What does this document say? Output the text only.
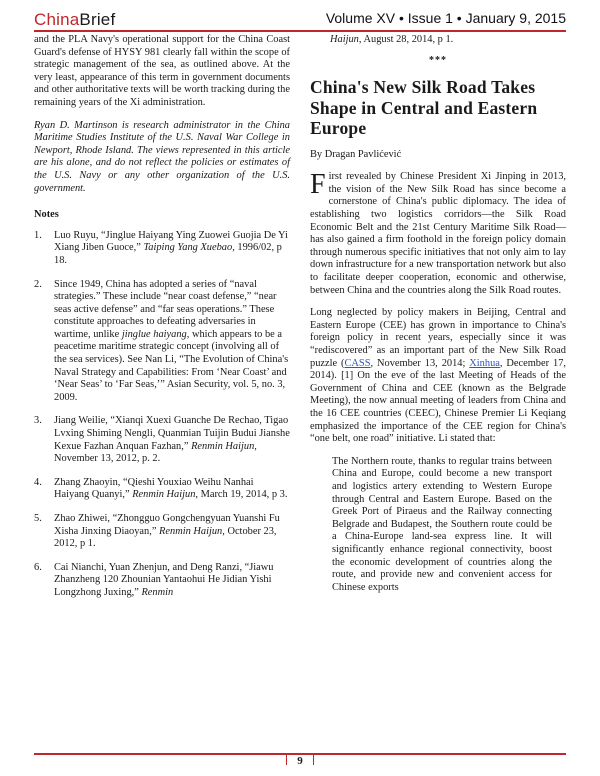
ChinaBrief	Volume XV • Issue 1 • January 9, 2015

and the PLA Navy's operational support for the China Coast Guard's defense of HYSY 981 clearly fall within the scope of strategic management of the sea, as outlined above. At the very least, appearance of this term in government documents and other authoritative texts will be worth tracking during the remaining years of the Xi administration.

Ryan D. Martinson is research administrator in the China Maritime Studies Institute of the U.S. Naval War College in Newport, Rhode Island. The views represented in this article are his alone, and do not reflect the policies or estimates of the U.S. Navy or any other organization of the U.S. government.

Notes
1. Luo Ruyu, “Jinglue Haiyang Ying Zuowei Guojia De Yi Xiang Jiben Guoce,” Taiping Yang Xuebao, 1996/02, p 18.
2. Since 1949, China has adopted a series of “naval strategies.” These include “near coast defense,” “near seas active defense” and “far seas operations.” These constitute approaches to defeating adversaries in wartime, unlike jinglue haiyang, which appears to be a peacetime maritime strategic concept (involving all of the sea services). See Nan Li, “The Evolution of China's Naval Strategy and Capabilities: From ‘Near Coast’ and ‘Near Seas’ to ‘Far Seas,’” Asian Security, vol. 5, no. 3, 2009.
3. Jiang Weilie, “Xianqi Xuexi Guanche De Rechao, Tigao Lvxing Shiming Nengli, Quanmian Tuijin Budui Jianshe Kexue Fazhan Anquan Fazhan,” Renmin Haijun, November 13, 2012, p. 2.
4. Zhang Zhaoyin, “Qieshi Youxiao Weihu Nanhai Haiyang Quanyi,” Renmin Haijun, March 19, 2014, p 3.
5. Zhao Zhiwei, “Zhongguo Gongchengyuan Yuanshi Fu Xisha Jinxing Diaoyan,” Renmin Haijun, October 23, 2012, p 1.
6. Cai Nianchi, Yuan Zhenjun, and Deng Ranzi, “Jiawu Zhanzheng 120 Zhounian Yantaohui He Jidian Yishi Longzhong Juxing,” Renmin

Haijun, August 28, 2014, p 1.

***
China's New Silk Road Takes Shape in Central and Eastern Europe
By Dragan Pavlićević

First revealed by Chinese President Xi Jinping in 2013, the vision of the New Silk Road has since become a cornerstone of China's public diplomacy. The idea of establishing two logistics corridors—the Silk Road Economic Belt and the 21st Century Maritime Silk Road—has also gained a firm foothold in the foreign policy domain through numerous specific initiatives that not only aim to lay down infrastructure for a new transportation network but also to facilitate deeper cooperation, economic and otherwise, between China and the countries along the Silk Road routes.

Long neglected by policy makers in Beijing, Central and Eastern Europe (CEE) has grown in importance to China's foreign policy in recent years, especially since it was “rediscovered” as an important part of the New Silk Road puzzle (CASS, November 13, 2014; Xinhua, December 17, 2014). [1] On the eve of the last Meeting of Heads of the Government of China and CEE (known as the Belgrade Meeting), the now annual meeting of leaders from China and the 16 CEE countries (CEEC), Chinese Premier Li Keqiang emphasized the importance of the CEE region for China's “one belt, one road” initiative. Li stated that:

The Northern route, thanks to regular trains between China and Europe, could become a new transport and logistics artery extending to Western Europe through Central and Eastern Europe. Based on the Greek Port of Piraeus and the Railway connecting Belgrade and Budapest, the Southern route could be a China-Europe land-sea express line. It will significantly enhance regional connectivity, boost the economic development of countries along the route, and provide new and convenient access for Chinese exports

9
